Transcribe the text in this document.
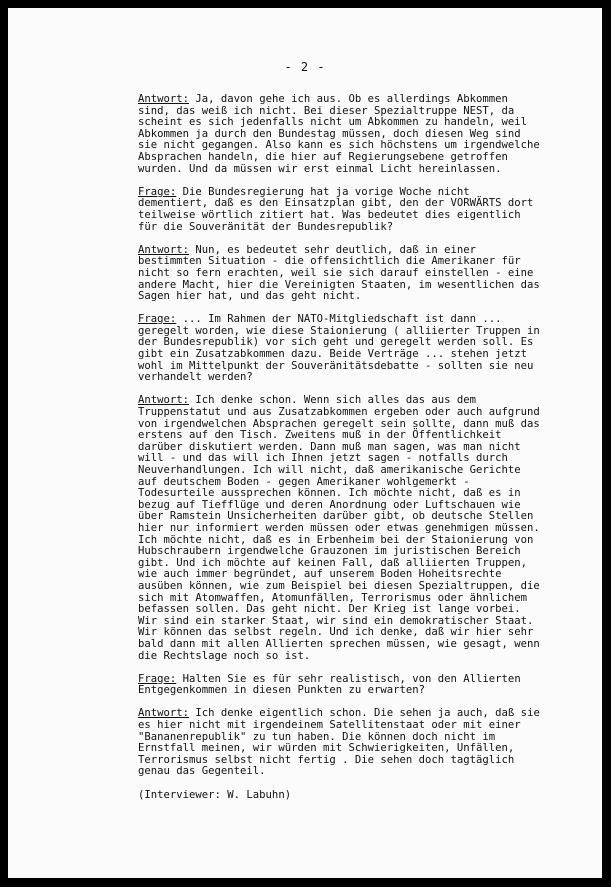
- 2 -
Antwort: Ja, davon gehe ich aus. Ob es allerdings Abkommen
sind, das weiß ich nicht. Bei dieser Spezialtruppe NEST, da
scheint es sich jedenfalls nicht um Abkommen zu handeln, weil
Abkommen ja durch den Bundestag müssen, doch diesen Weg sind
sie nicht gegangen. Also kann es sich höchstens um irgendwelche
Absprachen handeln, die hier auf Regierungsebene getroffen
wurden. Und da müssen wir erst einmal Licht hereinlassen.
Frage: Die Bundesregierung hat ja vorige Woche nicht
dementiert, daß es den Einsatzplan gibt, den der VORWÄRTS dort
teilweise wörtlich zitiert hat. Was bedeutet dies eigentlich
für die Souveränität der Bundesrepublik?
Antwort: Nun, es bedeutet sehr deutlich, daß in einer
bestimmten Situation - die offensichtlich die Amerikaner für
nicht so fern erachten, weil sie sich darauf einstellen - eine
andere Macht, hier die Vereinigten Staaten, im wesentlichen das
Sagen hier hat, und das geht nicht.
Frage: ... Im Rahmen der NATO-Mitgliedschaft ist dann ...
geregelt worden, wie diese Staionierung ( alliierter Truppen in
der Bundesrepublik) vor sich geht und geregelt werden soll. Es
gibt ein Zusatzabkommen dazu. Beide Verträge ... stehen jetzt
wohl im Mittelpunkt der Souveränitätsdebatte - sollten sie neu
verhandelt werden?
Antwort: Ich denke schon. Wenn sich alles das aus dem
Truppenstatut und aus Zusatzabkommen ergeben oder auch aufgrund
von irgendwelchen Absprachen geregelt sein sollte, dann muß das
erstens auf den Tisch. Zweitens muß in der Öffentlichkeit
darüber diskutiert werden. Dann muß man sagen, was man nicht
will - und das will ich Ihnen jetzt sagen - notfalls durch
Neuverhandlungen. Ich will nicht, daß amerikanische Gerichte
auf deutschem Boden - gegen Amerikaner wohlgemerkt -
Todesurteile aussprechen können. Ich möchte nicht, daß es in
bezug auf Tiefflüge und deren Anordnung oder Luftschauen wie
über Ramstein Unsicherheiten darüber gibt, ob deutsche Stellen
hier nur informiert werden müssen oder etwas genehmigen müssen.
Ich möchte nicht, daß es in Erbenheim bei der Staionierung von
Hubschraubern irgendwelche Grauzonen im juristischen Bereich
gibt. Und ich möchte auf keinen Fall, daß alliierten Truppen,
wie auch immer begründet, auf unserem Boden Hoheitsrechte
ausüben können, wie zum Beispiel bei diesen Spezialtruppen, die
sich mit Atomwaffen, Atomunfällen, Terrorismus oder ähnlichem
befassen sollen. Das geht nicht. Der Krieg ist lange vorbei.
Wir sind ein starker Staat, wir sind ein demokratischer Staat.
Wir können das selbst regeln. Und ich denke, daß wir hier sehr
bald dann mit allen Allierten sprechen müssen, wie gesagt, wenn
die Rechtslage noch so ist.
Frage: Halten Sie es für sehr realistisch, von den Allierten
Entgegenkommen in diesen Punkten zu erwarten?
Antwort: Ich denke eigentlich schon. Die sehen ja auch, daß sie
es hier nicht mit irgendeinem Satellitenstaat oder mit einer
"Bananenrepublik" zu tun haben. Die können doch nicht im
Ernstfall meinen, wir würden mit Schwierigkeiten, Unfällen,
Terrorismus selbst nicht fertig . Die sehen doch tagtäglich
genau das Gegenteil.
(Interviewer: W. Labuhn)
